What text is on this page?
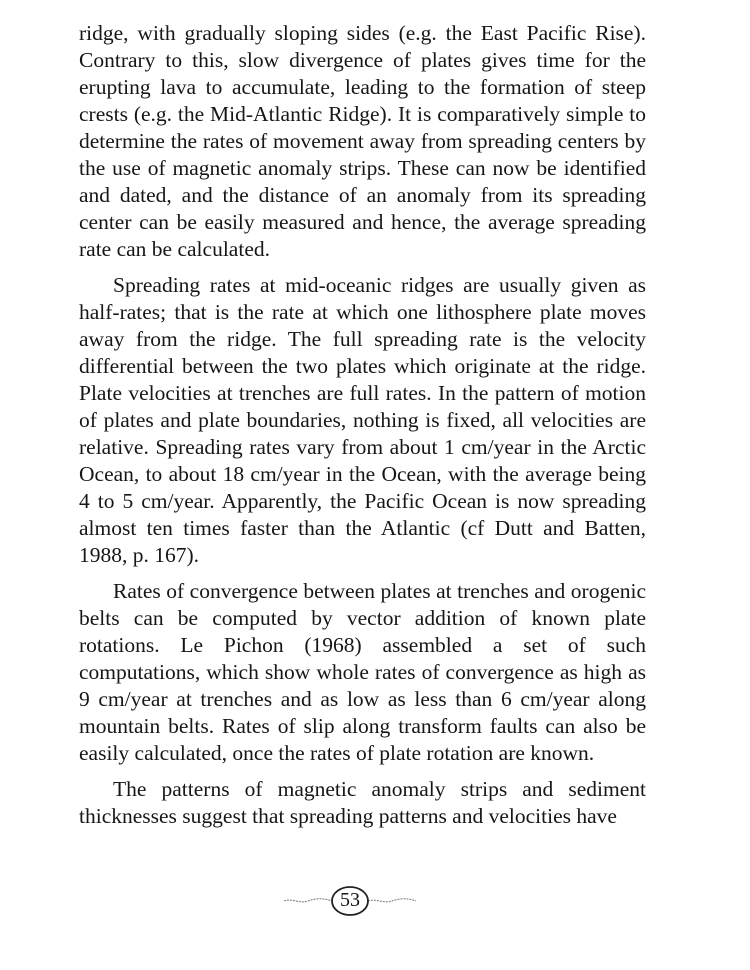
ridge, with gradually sloping sides (e.g. the East Pacific Rise). Contrary to this, slow divergence of plates gives time for the erupting lava to accumulate, leading to the formation of steep crests (e.g. the Mid-Atlantic Ridge). It is comparatively simple to determine the rates of movement away from spreading centers by the use of magnetic anomaly strips. These can now be identified and dated, and the distance of an anomaly from its spreading center can be easily measured and hence, the average spreading rate can be calculated.

Spreading rates at mid-oceanic ridges are usually given as half-rates; that is the rate at which one lithosphere plate moves away from the ridge. The full spreading rate is the velocity differential between the two plates which originate at the ridge. Plate velocities at trenches are full rates. In the pattern of motion of plates and plate boundaries, nothing is fixed, all velocities are relative. Spreading rates vary from about 1 cm/year in the Arctic Ocean, to about 18 cm/year in the Ocean, with the average being 4 to 5 cm/year. Apparently, the Pacific Ocean is now spreading almost ten times faster than the Atlantic (cf Dutt and Batten, 1988, p. 167).

Rates of convergence between plates at trenches and orogenic belts can be computed by vector addition of known plate rotations. Le Pichon (1968) assembled a set of such computations, which show whole rates of convergence as high as 9 cm/year at trenches and as low as less than 6 cm/year along mountain belts. Rates of slip along transform faults can also be easily calculated, once the rates of plate rotation are known.

The patterns of magnetic anomaly strips and sediment thicknesses suggest that spreading patterns and velocities have

53
